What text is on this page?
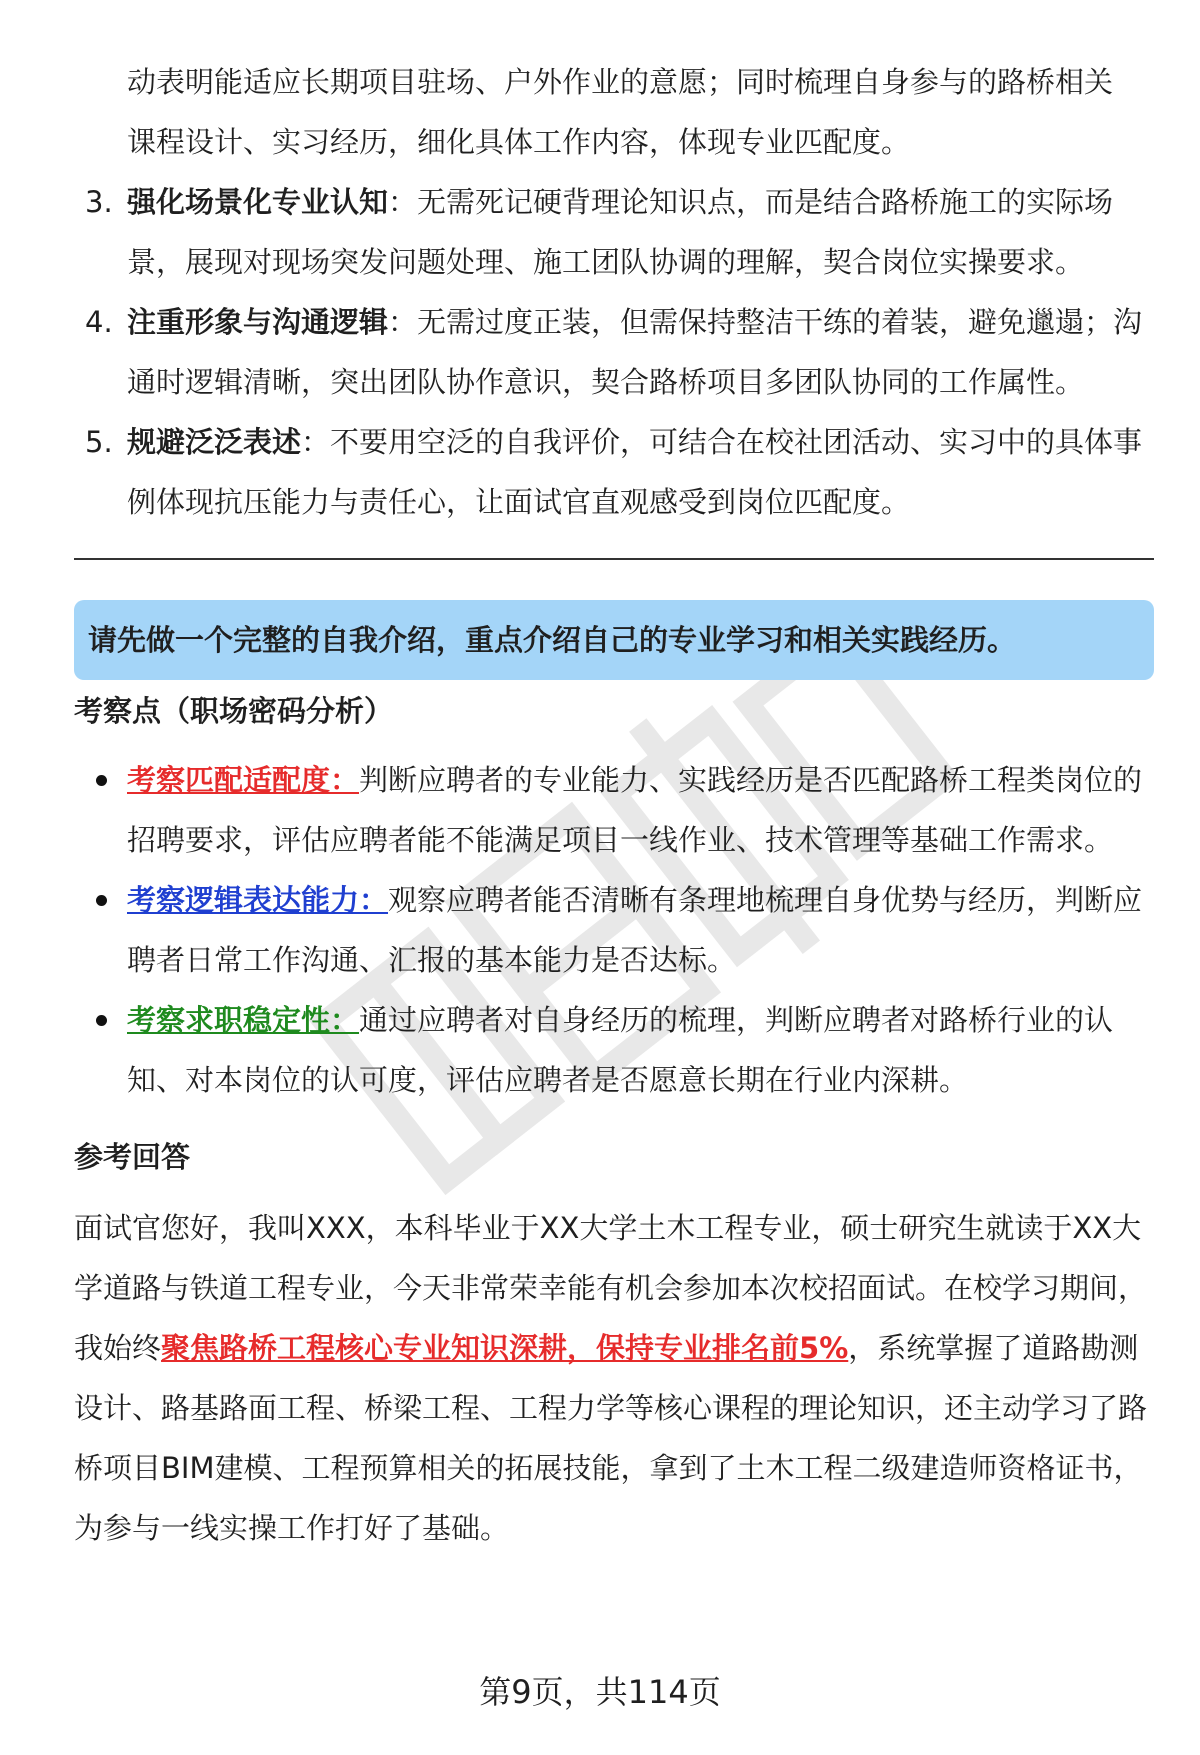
动表明能适应长期项目驻场、户外作业的意愿；同时梳理自身参与的路桥相关

课程设计、实习经历，细化具体工作内容，体现专业匹配度。

3. 强化场景化专业认知：无需死记硬背理论知识点，而是结合路桥施工的实际场景，展现对现场突发问题处理、施工团队协调的理解，契合岗位实操要求。
4. 注重形象与沟通逻辑：无需过度正装，但需保持整洁干练的着装，避免邋遢；沟通时逻辑清晰，突出团队协作意识，契合路桥项目多团队协同的工作属性。
5. 规避泛泛表述：不要用空泛的自我评价，可结合在校社团活动、实习中的具体事例体现抗压能力与责任心，让面试官直观感受到岗位匹配度。
请先做一个完整的自我介绍，重点介绍自己的专业学习和相关实践经历。
考察点（职场密码分析）
考察匹配适配度：判断应聘者的专业能力、实践经历是否匹配路桥工程类岗位的招聘要求，评估应聘者能不能满足项目一线作业、技术管理等基础工作需求。
考察逻辑表达能力：观察应聘者能否清晰有条理地梳理自身优势与经历，判断应聘者日常工作沟通、汇报的基本能力是否达标。
考察求职稳定性：通过应聘者对自身经历的梳理，判断应聘者对路桥行业的认知、对本岗位的认可度，评估应聘者是否愿意长期在行业内深耕。
参考回答
面试官您好，我叫XXX，本科毕业于XX大学土木工程专业，硕士研究生就读于XX大学道路与铁道工程专业，今天非常荣幸能有机会参加本次校招面试。在校学习期间，我始终聚焦路桥工程核心专业知识深耕，保持专业排名前5%，系统掌握了道路勘测设计、路基路面工程、桥梁工程、工程力学等核心课程的理论知识，还主动学习了路桥项目BIM建模、工程预算相关的拓展技能，拿到了土木工程二级建造师资格证书，为参与一线实操工作打好了基础。
第9页，共114页
